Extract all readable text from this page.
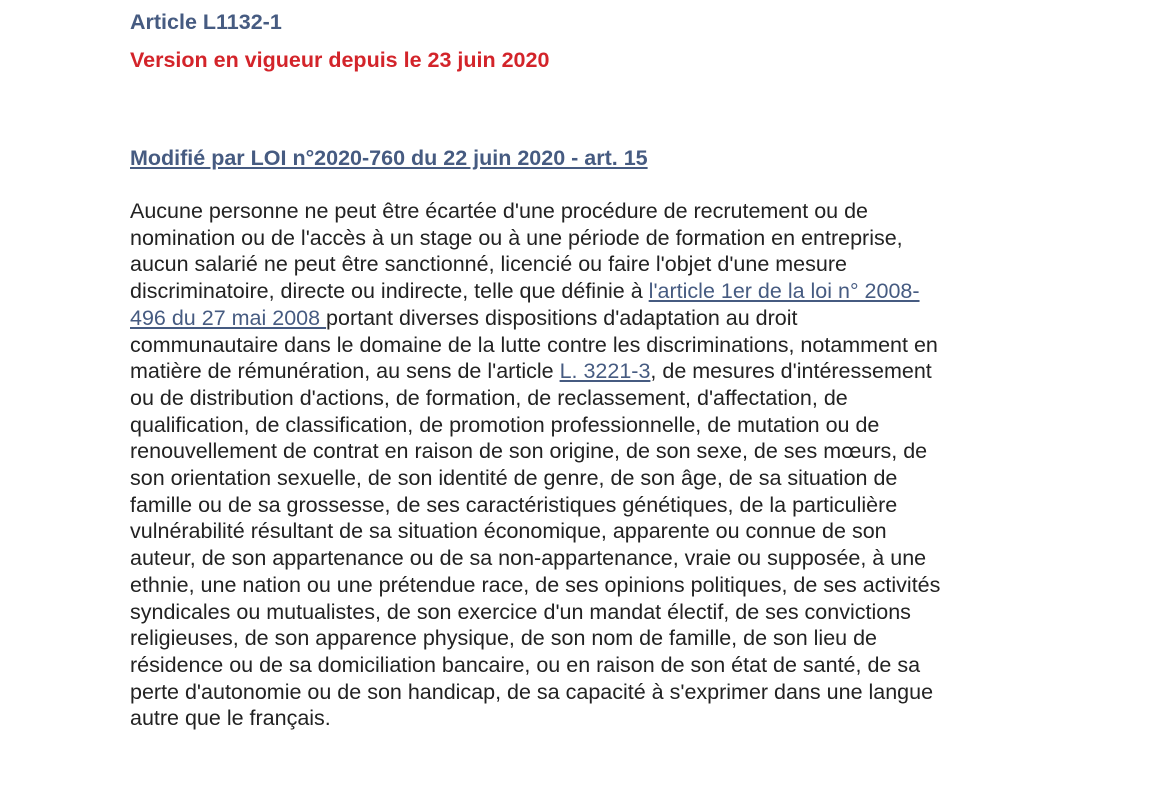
Article L1132-1
Version en vigueur depuis le 23 juin 2020
Modifié par LOI n°2020-760 du 22 juin 2020 - art. 15
Aucune personne ne peut être écartée d'une procédure de recrutement ou de
nomination ou de l'accès à un stage ou à une période de formation en entreprise,
aucun salarié ne peut être sanctionné, licencié ou faire l'objet d'une mesure
discriminatoire, directe ou indirecte, telle que définie à l'article 1er de la loi n° 2008-
496 du 27 mai 2008 portant diverses dispositions d'adaptation au droit
communautaire dans le domaine de la lutte contre les discriminations, notamment en
matière de rémunération, au sens de l'article L. 3221-3, de mesures d'intéressement
ou de distribution d'actions, de formation, de reclassement, d'affectation, de
qualification, de classification, de promotion professionnelle, de mutation ou de
renouvellement de contrat en raison de son origine, de son sexe, de ses mœurs, de
son orientation sexuelle, de son identité de genre, de son âge, de sa situation de
famille ou de sa grossesse, de ses caractéristiques génétiques, de la particulière
vulnérabilité résultant de sa situation économique, apparente ou connue de son
auteur, de son appartenance ou de sa non-appartenance, vraie ou supposée, à une
ethnie, une nation ou une prétendue race, de ses opinions politiques, de ses activités
syndicales ou mutualistes, de son exercice d'un mandat électif, de ses convictions
religieuses, de son apparence physique, de son nom de famille, de son lieu de
résidence ou de sa domiciliation bancaire, ou en raison de son état de santé, de sa
perte d'autonomie ou de son handicap, de sa capacité à s'exprimer dans une langue
autre que le français.
